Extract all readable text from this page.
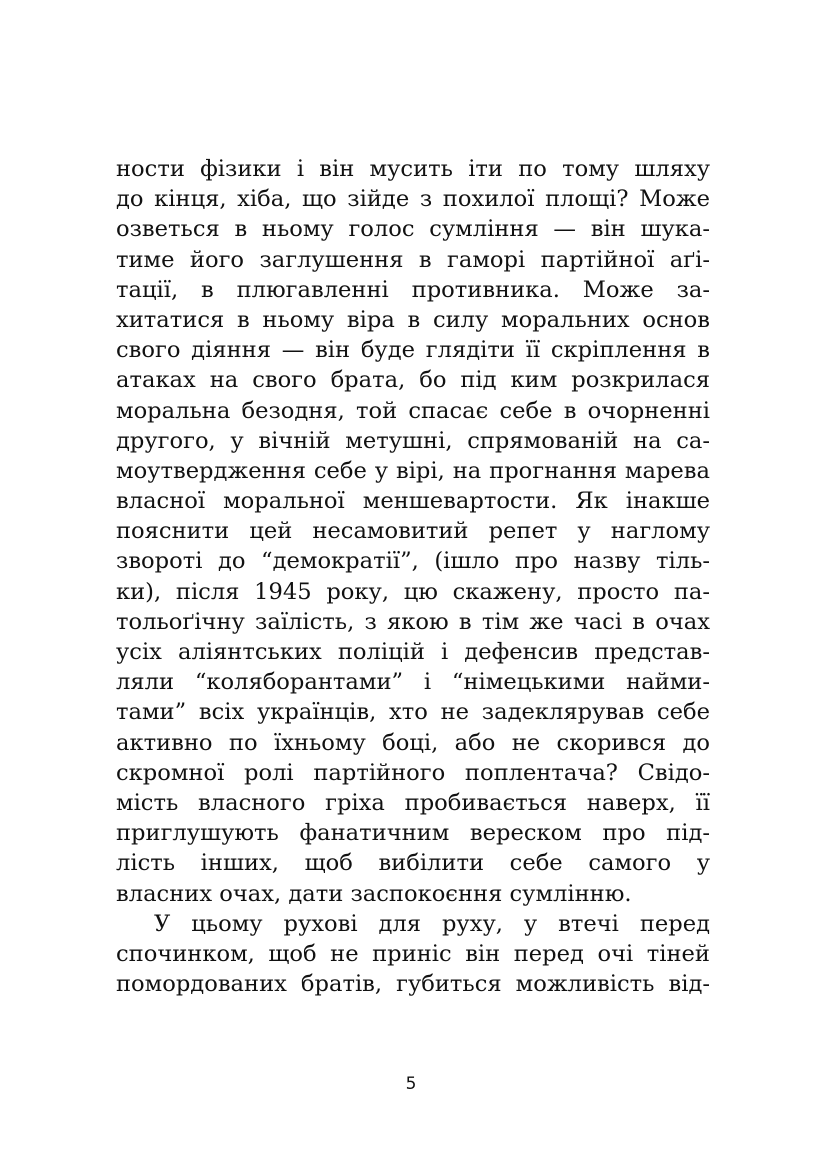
ности фізики і він мусить іти по тому шляху
до кінця, хіба, що зійде з похилої площі? Може
озветься в ньому голос сумління — він шука-
тиме його заглушення в гаморі партійної аґі-
тації, в плюгавленні противника. Може за-
хитатися в ньому віра в силу моральних основ
свого діяння — він буде глядіти її скріплення в
атаках на свого брата, бо під ким розкрилася
моральна безодня, той спасає себе в очорненні
другого, у вічній метушні, спрямованій на са-
моутвердження себе у вірі, на прогнання марева
власної моральної меншевартости. Як інакше
пояснити цей несамовитий репет у наглому
звороті до “демократії”, (ішло про назву тіль-
ки), після 1945 року, цю скажену, просто па-
тольоґічну заїлість, з якою в тім же часі в очах
усіх аліянтських поліцій і дефенсив представ-
ляли “коляборантами” і “німецькими найми-
тами” всіх українців, хто не задеклярував себе
активно по їхньому боці, або не скорився до
скромної ролі партійного поплентача? Свідо-
мість власного гріха пробивається наверх, її
приглушують фанатичним вереском про під-
лість інших, щоб вибілити себе самого у
власних очах, дати заспокоєння сумлінню.
У цьому рухові для руху, у втечі перед
спочинком, щоб не приніс він перед очі тіней
помордованих братів, губиться можливість від-
5
